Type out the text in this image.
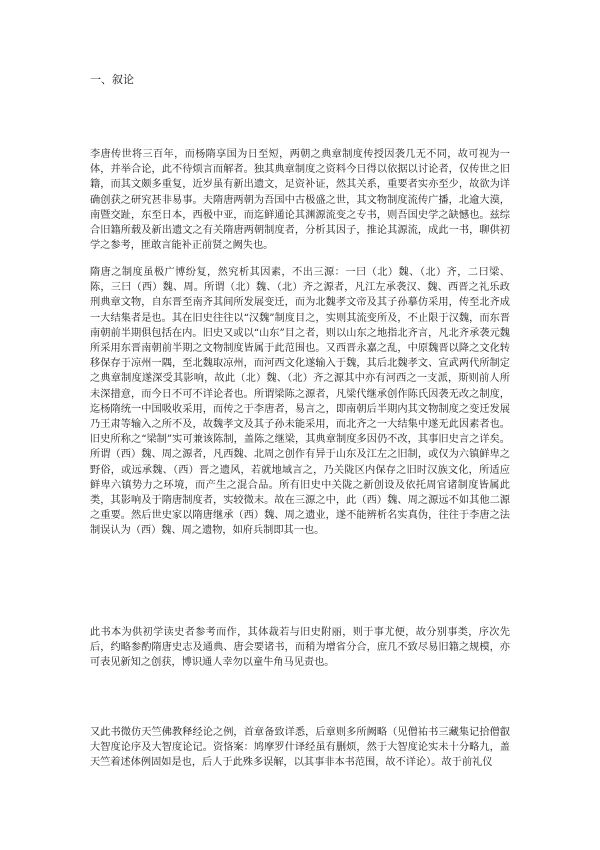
一、叙论

李唐传世将三百年，而杨隋享国为日至短，两朝之典章制度传授因袭几无不同，故可视为一体，并举合论，此不待烦言而解者。独其典章制度之资料今日得以依据以讨论者，仅传世之旧籍，而其文颇多重复，近岁虽有新出遗文，足资补证，然其关系，重要者实亦至少，故欲为详确创获之研究甚非易事。夫隋唐两朝为吾国中古极盛之世，其文物制度流传广播，北逾大漠，南暨交趾，东至日本，西极中亚，而迄鲜通论其渊源流变之专书，则吾国史学之缺憾也。兹综合旧籍所载及新出遗文之有关隋唐两朝制度者，分析其因子，推论其源流，成此一书，聊供初学之参考，匪敢言能补正前贤之阙失也。

隋唐之制度虽极广博纷复，然究析其因素，不出三源：一曰（北）魏、（北）齐，二曰梁、陈，三曰（西）魏、周。所谓（北）魏、（北）齐之源者，凡江左承袭汉、魏、西晋之礼乐政刑典章文物，自东晋至南齐其间所发展变迁，而为北魏孝文帝及其子孙摹仿采用，传至北齐成一大结集者是也。其在旧史往往以“汉魏”制度目之，实则其流变所及，不止限于汉魏，而东晋南朝前半期俱包括在内。旧史又或以“山东”目之者，则以山东之地指北齐言，凡北齐承袭元魏所采用东晋南朝前半期之文物制度皆属于此范围也。又西晋永嘉之乱，中原魏晋以降之文化转移保存于凉州一隅，至北魏取凉州，而河西文化遂输入于魏，其后北魏孝文、宣武两代所制定之典章制度遂深受其影响，故此（北）魏、（北）齐之源其中亦有河西之一支派，斯则前人所未深措意，而今日不可不详论者也。所谓梁陈之源者，凡梁代继承创作陈氏因袭无改之制度，迄杨隋统一中国吸收采用，而传之于李唐者，易言之，即南朝后半期内其文物制度之变迁发展乃王肃等输入之所不及，故魏孝文及其子孙未能采用，而北齐之一大结集中遂无此因素者也。旧史所称之“梁制”实可兼该陈制，盖陈之继梁，其典章制度多因仍不改，其事旧史言之详矣。所谓（西）魏、周之源者，凡西魏、北周之创作有异于山东及江左之旧制，或仅为六镇鲜卑之野俗，或远承魏、（西）晋之遗风，若就地域言之，乃关陇区内保存之旧时汉族文化，所适应鲜卑六镇势力之环境，而产生之混合品。所有旧史中关陇之新创设及依托周官诸制度皆属此类，其影响及于隋唐制度者，实较微末。故在三源之中，此（西）魏、周之源远不如其他二源之重要。然后世史家以隋唐继承（西）魏、周之遗业，遂不能辨析名实真伪，往往于李唐之法制误认为（西）魏、周之遗物，如府兵制即其一也。

此书本为供初学读史者参考而作，其体裁若与旧史附丽，则于事尤便，故分别事类，序次先后，约略参酌隋唐史志及通典、唐会要诸书，而稍为增省分合，庶几不致尽易旧籍之规模，亦可表见新知之创获，博识通人幸勿以童牛角马见责也。

又此书微仿天竺佛教释经论之例，首章备致详悉，后章则多所阙略（见僧祐书三藏集记拾僧叡大智度论序及大智度论记。资恪案：鸠摩罗什译经虽有删烦，然于大智度论实未十分略九，盖天竺着述体例固如是也，后人于此殊多误解，以其事非本书范围，故不详论）。故于前礼仪
